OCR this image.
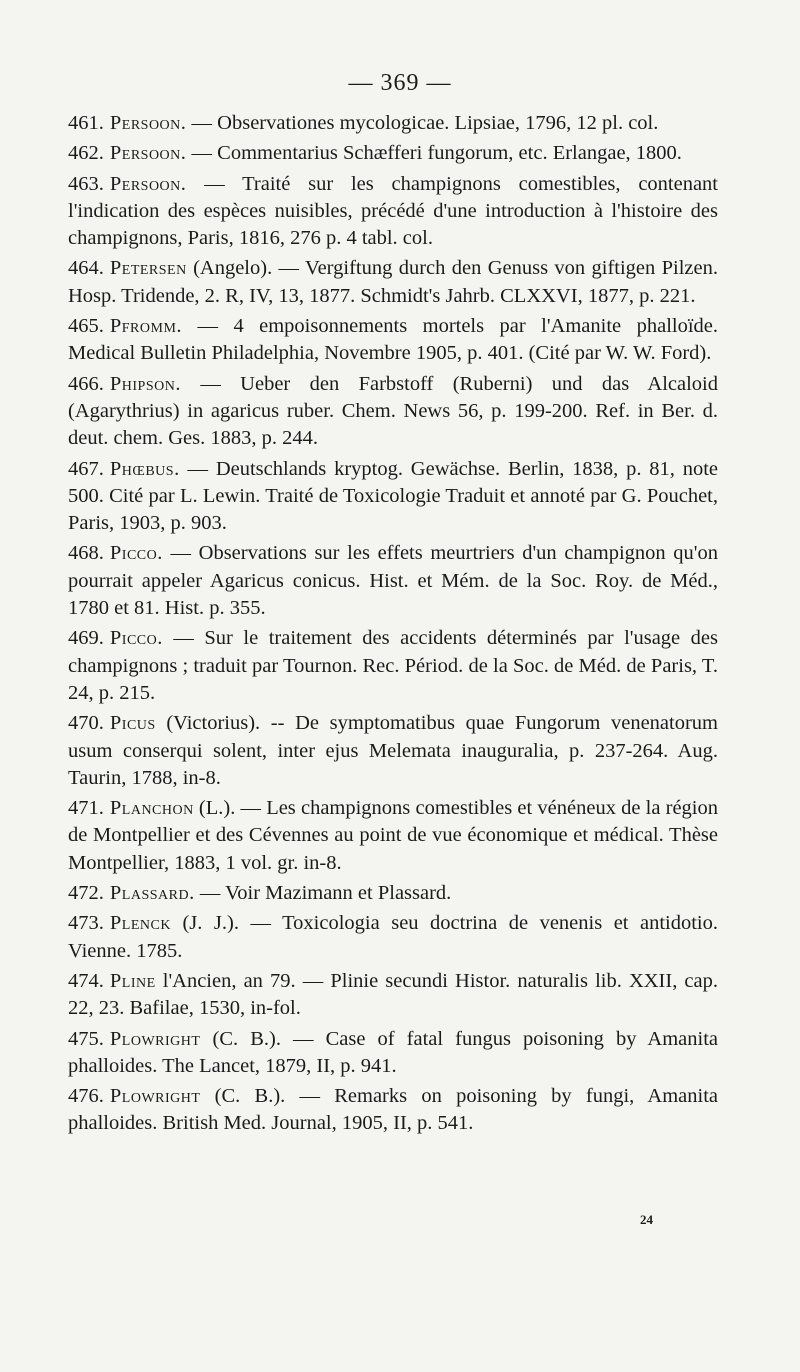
— 369 —

461. Persoon. — Observationes mycologicae. Lipsiae, 1796, 12 pl. col.

462. Persoon. — Commentarius Schæfferi fungorum, etc. Erlangae, 1800.

463. Persoon. — Traité sur les champignons comestibles, contenant l'indication des espèces nuisibles, précédé d'une introduction à l'histoire des champignons, Paris, 1816, 276 p. 4 tabl. col.

464. Petersen (Angelo). — Vergiftung durch den Genuss von giftigen Pilzen. Hosp. Tridende, 2. R, IV, 13, 1877. Schmidt's Jahrb. CLXXVI, 1877, p. 221.

465. Pfromm. — 4 empoisonnements mortels par l'Amanite phalloïde. Medical Bulletin Philadelphia, Novembre 1905, p. 401. (Cité par W. W. Ford).

466. Phipson. — Ueber den Farbstoff (Ruberni) und das Alcaloid (Agarythrius) in agaricus ruber. Chem. News 56, p. 199-200. Ref. in Ber. d. deut. chem. Ges. 1883, p. 244.

467. Phœbus. — Deutschlands kryptog. Gewächse. Berlin, 1838, p. 81, note 500. Cité par L. Lewin. Traité de Toxicologie Traduit et annoté par G. Pouchet, Paris, 1903, p. 903.

468. Picco. — Observations sur les effets meurtriers d'un champignon qu'on pourrait appeler Agaricus conicus. Hist. et Mém. de la Soc. Roy. de Méd., 1780 et 81. Hist. p. 355.

469. Picco. — Sur le traitement des accidents déterminés par l'usage des champignons ; traduit par Tournon. Rec. Périod. de la Soc. de Méd. de Paris, T. 24, p. 215.

470. Picus (Victorius). -- De symptomatibus quae Fungorum venenatorum usum conserqui solent, inter ejus Melemata inauguralia, p. 237-264. Aug. Taurin, 1788, in-8.

471. Planchon (L.). — Les champignons comestibles et vénéneux de la région de Montpellier et des Cévennes au point de vue économique et médical. Thèse Montpellier, 1883, 1 vol. gr. in-8.

472. Plassard. — Voir Mazimann et Plassard.

473. Plenck (J. J.). — Toxicologia seu doctrina de venenis et antidotio. Vienne. 1785.

474. Pline l'Ancien, an 79. — Plinie secundi Histor. naturalis lib. XXII, cap. 22, 23. Bafilae, 1530, in-fol.

475. Plowright (C. B.). — Case of fatal fungus poisoning by Amanita phalloides. The Lancet, 1879, II, p. 941.

476. Plowright (C. B.). — Remarks on poisoning by fungi, Amanita phalloides. British Med. Journal, 1905, II, p. 541.

24
